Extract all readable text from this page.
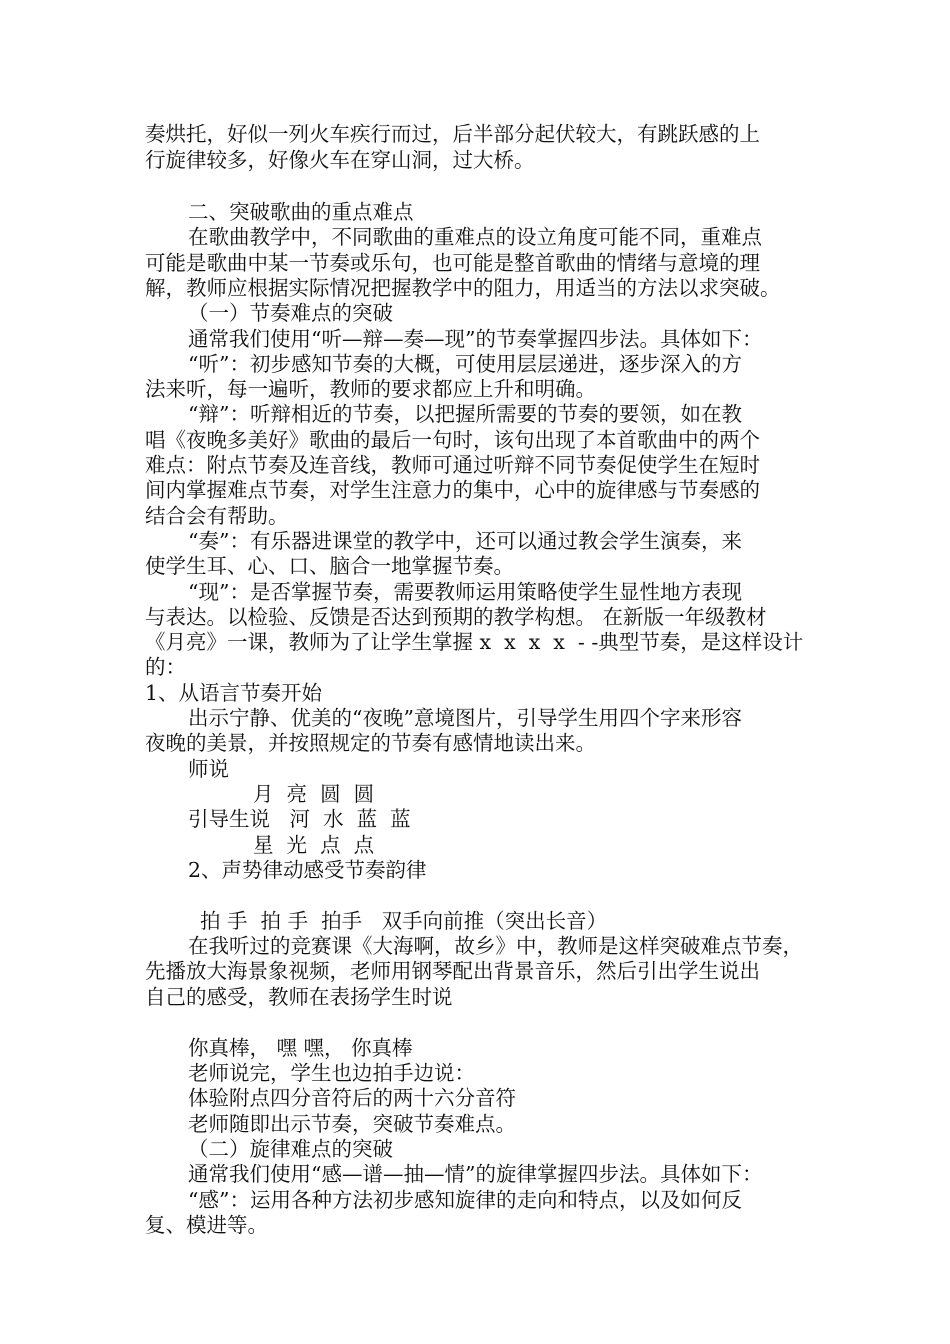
奏烘托，好似一列火车疾行而过，后半部分起伏较大，有跳跃感的上
行旋律较多，好像火车在穿山洞，过大桥。
二、突破歌曲的重点难点
在歌曲教学中，不同歌曲的重难点的设立角度可能不同，重难点
可能是歌曲中某一节奏或乐句，也可能是整首歌曲的情绪与意境的理
解，教师应根据实际情况把握教学中的阻力，用适当的方法以求突破。
（一）节奏难点的突破
通常我们使用“听—辩—奏—现”的节奏掌握四步法。具体如下：
“听”：初步感知节奏的大概，可使用层层递进，逐步深入的方
法来听，每一遍听，教师的要求都应上升和明确。
“辩”：听辩相近的节奏，以把握所需要的节奏的要领，如在教
唱《夜晚多美好》歌曲的最后一句时，该句出现了本首歌曲中的两个
难点：附点节奏及连音线，教师可通过听辩不同节奏促使学生在短时
间内掌握难点节奏，对学生注意力的集中，心中的旋律感与节奏感的
结合会有帮助。
“奏”：有乐器进课堂的教学中，还可以通过教会学生演奏，来
使学生耳、心、口、脑合一地掌握节奏。
“现”：是否掌握节奏，需要教师运用策略使学生显性地方表现
与表达。以检验、反馈是否达到预期的教学构想。 在新版一年级教材
《月亮》一课，教师为了让学生掌握 x  x  x  x  - -典型节奏，是这样设计
的：
1、从语言节奏开始
出示宁静、优美的“夜晚”意境图片，引导学生用四个字来形容
夜晚的美景，并按照规定的节奏有感情地读出来。
师说
月  亮  圆  圆
引导生说   河  水  蓝  蓝
星  光  点  点
2、声势律动感受节奏韵律
拍 手  拍 手  拍手   双手向前推（突出长音）
在我听过的竞赛课《大海啊，故乡》中，教师是这样突破难点节奏，
先播放大海景象视频，老师用钢琴配出背景音乐，然后引出学生说出
自己的感受，教师在表扬学生时说
你真棒， 嘿 嘿， 你真棒
老师说完，学生也边拍手边说：
体验附点四分音符后的两十六分音符
老师随即出示节奏，突破节奏难点。
（二）旋律难点的突破
通常我们使用“感—谱—抽—情”的旋律掌握四步法。具体如下：
“感”：运用各种方法初步感知旋律的走向和特点，以及如何反
复、模进等。
